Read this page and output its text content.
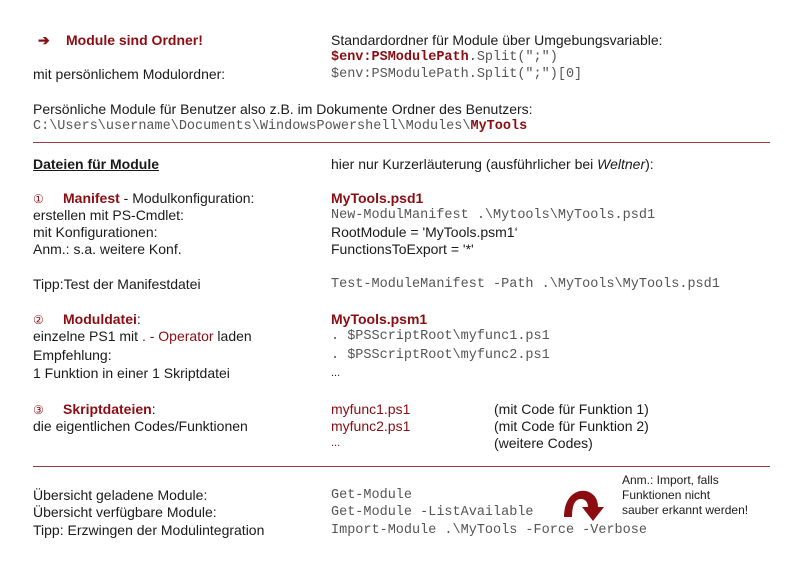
➔ Module sind Ordner!	Standardordner für Module über Umgebungsvariable:
$env:PSModulePath.Split(";")
mit persönlichem Modulordner:	$env:PSModulePath.Split(";")[0]
Persönliche Module für Benutzer also z.B. im Dokumente Ordner des Benutzers:
C:\Users\username\Documents\WindowsPowershell\Modules\MyTools
Dateien für Module	hier nur Kurzerläuterung (ausführlicher bei Weltner):
① Manifest - Modulkonfiguration:	MyTools.psd1
erstellen mit PS-Cmdlet:	New-ModulManifest .\Mytools\MyTools.psd1
mit Konfigurationen:	RootModule = 'MyTools.psm1‘
Anm.: s.a. weitere Konf.	FunctionsToExport = '*'
Tipp:Test der Manifestdatei	Test-ModuleManifest -Path .\MyTools\MyTools.psd1
② Moduldatei:	MyTools.psm1
einzelne PS1 mit . - Operator laden	. $PSScriptRoot\myfunc1.ps1
Empfehlung:	. $PSScriptRoot\myfunc2.ps1
1 Funktion in einer 1 Skriptdatei	...
③ Skriptdateien:
die eigentlichen Codes/Funktionen
myfunc1.ps1	(mit Code für Funktion 1)
myfunc2.ps1	(mit Code für Funktion 2)
...	(weitere Codes)
Übersicht geladene Module:	Get-Module
Übersicht verfügbare Module:	Get-Module -ListAvailable
Tipp: Erzwingen der Modulintegration	Import-Module .\MyTools -Force -Verbose
Anm.: Import, falls
Funktionen nicht
sauber erkannt werden!
